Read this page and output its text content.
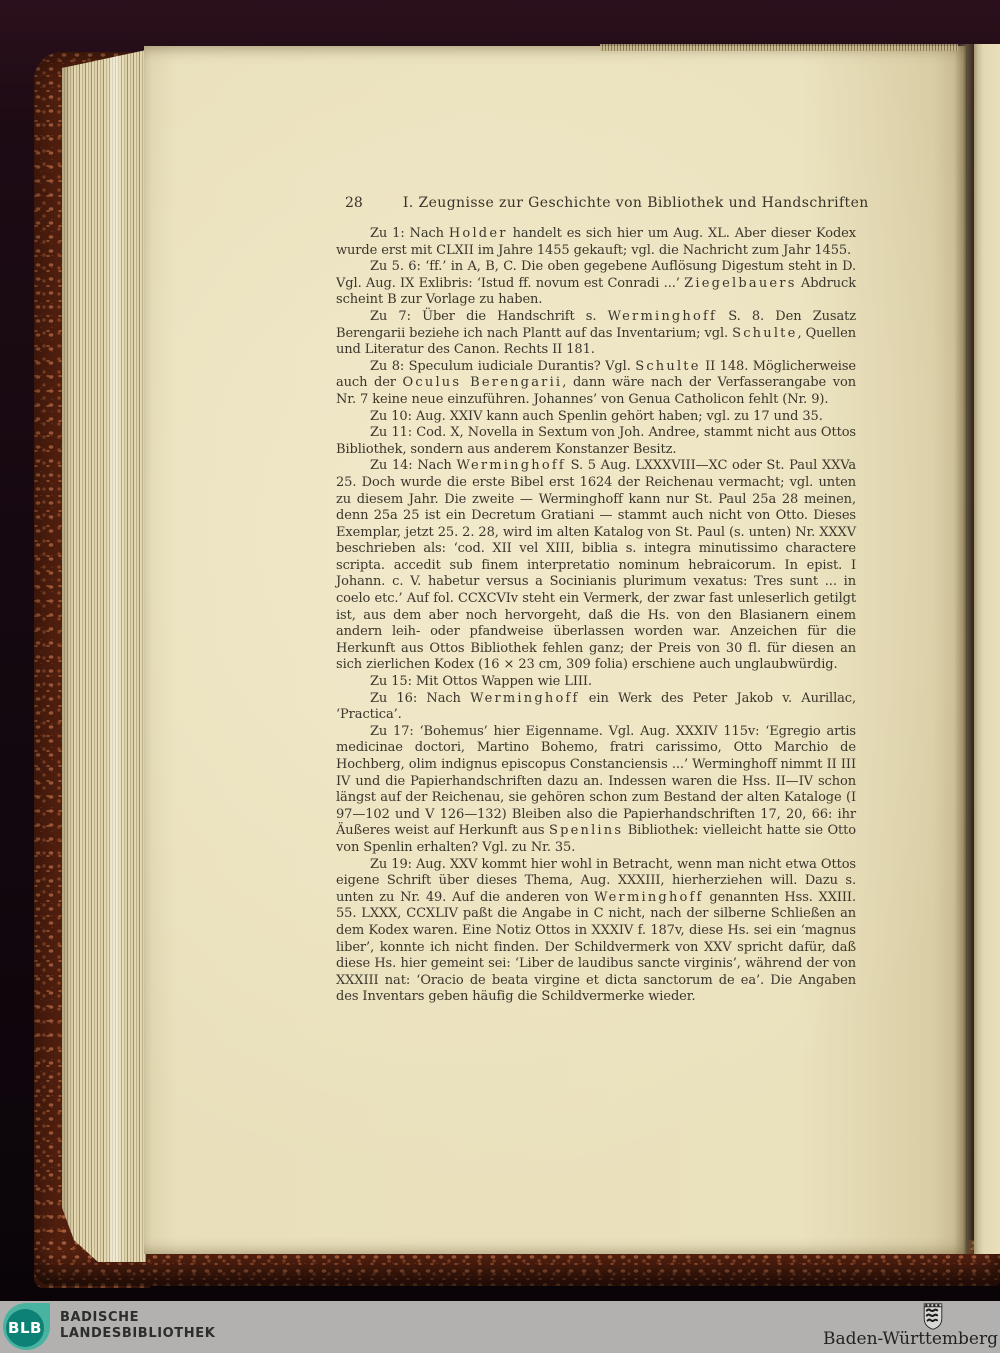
28	I. Zeugnisse zur Geschichte von Bibliothek und Handschriften

Zu 1: Nach Holder handelt es sich hier um Aug. XL. Aber dieser Kodex wurde erst mit CLXII im Jahre 1455 gekauft; vgl. die Nachricht zum Jahr 1455.

Zu 5. 6: ‘ff.’ in A, B, C. Die oben gegebene Auflösung Digestum steht in D. Vgl. Aug. IX Exlibris: ‘Istud ff. novum est Conradi ...’ Ziegelbauers Abdruck scheint B zur Vorlage zu haben.

Zu 7: Über die Handschrift s. Werminghoff S. 8. Den Zusatz Berengarii beziehe ich nach Plantt auf das Inventarium; vgl. Schulte, Quellen und Literatur des Canon. Rechts II 181.

Zu 8: Speculum iudiciale Durantis? Vgl. Schulte II 148. Möglicherweise auch der Oculus Berengarii, dann wäre nach der Verfasserangabe von Nr. 7 keine neue einzuführen. Johannes’ von Genua Catholicon fehlt (Nr. 9).

Zu 10: Aug. XXIV kann auch Spenlin gehört haben; vgl. zu 17 und 35.

Zu 11: Cod. X, Novella in Sextum von Joh. Andree, stammt nicht aus Ottos Bibliothek, sondern aus anderem Konstanzer Besitz.

Zu 14: Nach Werminghoff S. 5 Aug. LXXXVIII—XC oder St. Paul XXVa 25. Doch wurde die erste Bibel erst 1624 der Reichenau vermacht; vgl. unten zu diesem Jahr. Die zweite — Werminghoff kann nur St. Paul 25a 28 meinen, denn 25a 25 ist ein Decretum Gratiani — stammt auch nicht von Otto. Dieses Exemplar, jetzt 25. 2. 28, wird im alten Katalog von St. Paul (s. unten) Nr. XXXV beschrieben als: ‘cod. XII vel XIII, biblia s. integra minutissimo charactere scripta. accedit sub finem interpretatio nominum hebraicorum. In epist. I Johann. c. V. habetur versus a Socinianis plurimum vexatus: Tres sunt ... in coelo etc.’ Auf fol. CCXCVIv steht ein Vermerk, der zwar fast unleserlich getilgt ist, aus dem aber noch hervorgeht, daß die Hs. von den Blasianern einem andern leih- oder pfandweise überlassen worden war. Anzeichen für die Herkunft aus Ottos Bibliothek fehlen ganz; der Preis von 30 fl. für diesen an sich zierlichen Kodex (16 × 23 cm, 309 folia) erschiene auch unglaubwürdig.

Zu 15: Mit Ottos Wappen wie LIII.

Zu 16: Nach Werminghoff ein Werk des Peter Jakob v. Aurillac, ‘Practica’.

Zu 17: ‘Bohemus’ hier Eigenname. Vgl. Aug. XXXIV 115v: ‘Egregio artis medicinae doctori, Martino Bohemo, fratri carissimo, Otto Marchio de Hochberg, olim indignus episcopus Constanciensis ...’ Werminghoff nimmt II III IV und die Papierhandschriften dazu an. Indessen waren die Hss. II—IV schon längst auf der Reichenau, sie gehören schon zum Bestand der alten Kataloge (I 97—102 und V 126—132) Bleiben also die Papierhandschriften 17, 20, 66: ihr Äußeres weist auf Herkunft aus Spenlins Bibliothek: vielleicht hatte sie Otto von Spenlin erhalten? Vgl. zu Nr. 35.

Zu 19: Aug. XXV kommt hier wohl in Betracht, wenn man nicht etwa Ottos eigene Schrift über dieses Thema, Aug. XXXIII, hierherziehen will. Dazu s. unten zu Nr. 49. Auf die anderen von Werminghoff genannten Hss. XXIII. 55. LXXX, CCXLIV paßt die Angabe in C nicht, nach der silberne Schließen an dem Kodex waren. Eine Notiz Ottos in XXXIV f. 187v, diese Hs. sei ein ‘magnus liber’, konnte ich nicht finden. Der Schildvermerk von XXV spricht dafür, daß diese Hs. hier gemeint sei: ‘Liber de laudibus sancte virginis’, während der von XXXIII nat: ‘Oracio de beata virgine et dicta sanctorum de ea’. Die Angaben des Inventars geben häufig die Schildvermerke wieder.

BLB
BADISCHE
LANDESBIBLIOTHEK	Baden-Württemberg
